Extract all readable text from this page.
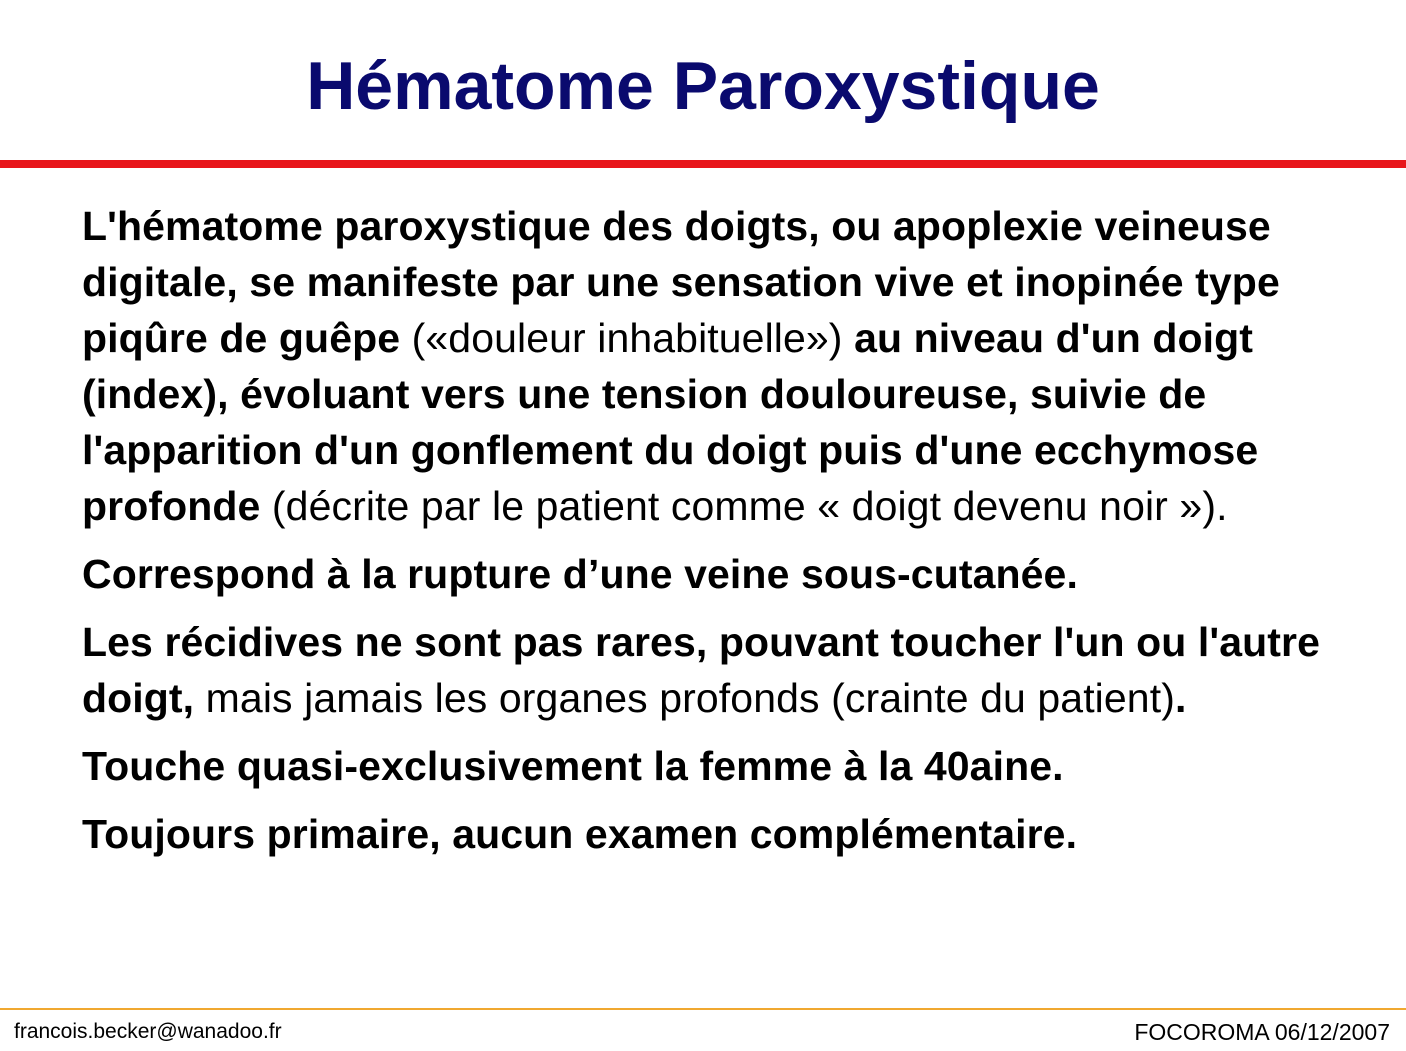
Hématome Paroxystique

L'hématome paroxystique des doigts, ou apoplexie veineuse digitale, se manifeste par une sensation vive et inopinée type piqûre de guêpe («douleur inhabituelle») au niveau d'un doigt (index), évoluant vers une tension douloureuse, suivie de l'apparition d'un gonflement du doigt puis d'une ecchymose profonde (décrite par le patient comme « doigt devenu noir »).

Correspond à la rupture d’une veine sous-cutanée.

Les récidives ne sont pas rares, pouvant toucher l'un ou l'autre doigt, mais jamais les organes profonds (crainte du patient).

Touche quasi-exclusivement la femme à la 40aine.

Toujours primaire, aucun examen complémentaire.

francois.becker@wanadoo.fr	FOCOROMA 06/12/2007
